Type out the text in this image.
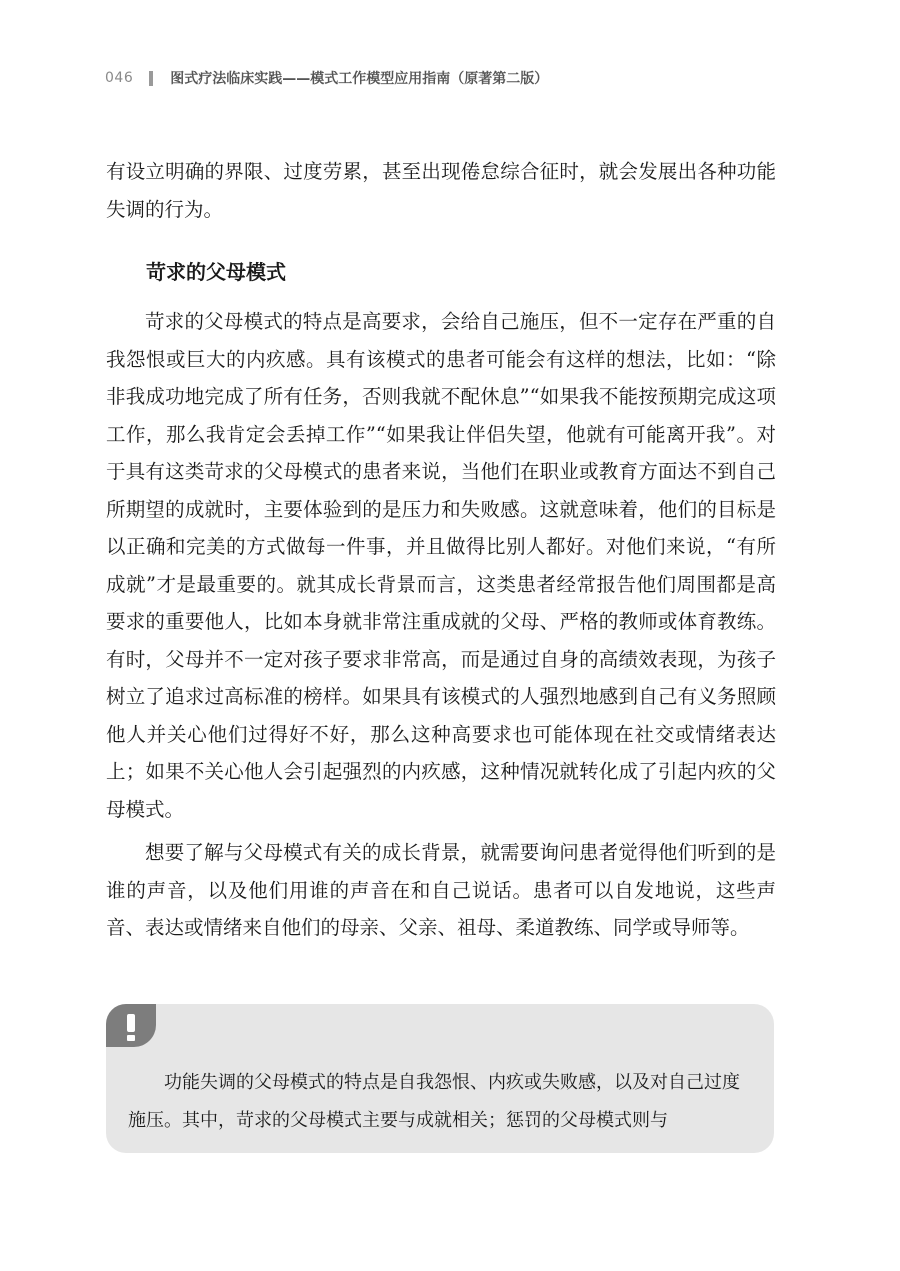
046	图式疗法临床实践——模式工作模型应用指南（原著第二版）

有设立明确的界限、过度劳累，甚至出现倦怠综合征时，就会发展出各种功能失调的行为。

苛求的父母模式

苛求的父母模式的特点是高要求，会给自己施压，但不一定存在严重的自我怨恨或巨大的内疚感。具有该模式的患者可能会有这样的想法，比如：“除非我成功地完成了所有任务，否则我就不配休息”“如果我不能按预期完成这项工作，那么我肯定会丢掉工作”“如果我让伴侣失望，他就有可能离开我”。对于具有这类苛求的父母模式的患者来说，当他们在职业或教育方面达不到自己所期望的成就时，主要体验到的是压力和失败感。这就意味着，他们的目标是以正确和完美的方式做每一件事，并且做得比别人都好。对他们来说，“有所成就”才是最重要的。就其成长背景而言，这类患者经常报告他们周围都是高要求的重要他人，比如本身就非常注重成就的父母、严格的教师或体育教练。有时，父母并不一定对孩子要求非常高，而是通过自身的高绩效表现，为孩子树立了追求过高标准的榜样。如果具有该模式的人强烈地感到自己有义务照顾他人并关心他们过得好不好，那么这种高要求也可能体现在社交或情绪表达上；如果不关心他人会引起强烈的内疚感，这种情况就转化成了引起内疚的父母模式。

想要了解与父母模式有关的成长背景，就需要询问患者觉得他们听到的是谁的声音，以及他们用谁的声音在和自己说话。患者可以自发地说，这些声音、表达或情绪来自他们的母亲、父亲、祖母、柔道教练、同学或导师等。

功能失调的父母模式的特点是自我怨恨、内疚或失败感，以及对自己过度施压。其中，苛求的父母模式主要与成就相关；惩罚的父母模式则与
